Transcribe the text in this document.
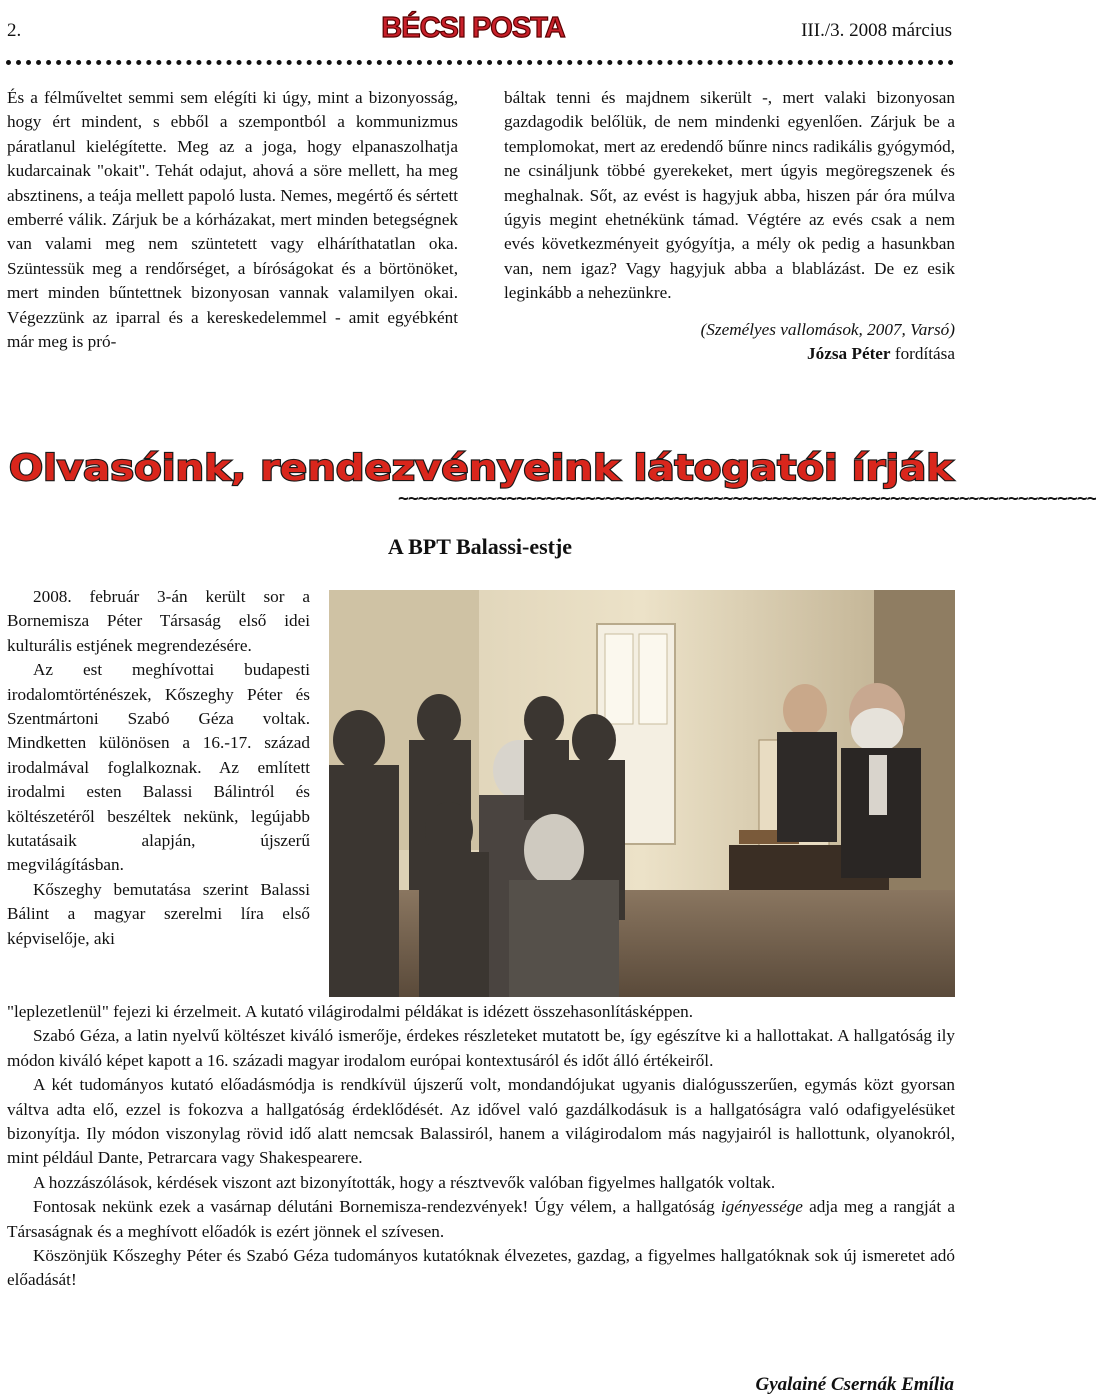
2.	BÉCSI POSTA	III./3. 2008 március

És a félműveltet semmi sem elégíti ki úgy, mint a bizonyosság, hogy ért mindent, s ebből a szempontból a kommunizmus páratlanul kielégítette. Meg az a joga, hogy elpanaszolhatja kudarcainak "okait". Tehát odajut, ahová a söre mellett, ha meg absztinens, a teája mellett papoló lusta. Nemes, megértő és sértett emberré válik. Zárjuk be a kórházakat, mert minden betegségnek van valami meg nem szüntetett vagy elháríthatatlan oka. Szüntessük meg a rendőrséget, a bíróságokat és a börtönöket, mert minden bűntettnek bizonyosan vannak valamilyen okai. Végezzünk az iparral és a kereskedelemmel - amit egyébként már meg is pró-

báltak tenni és majdnem sikerült -, mert valaki bizonyosan gazdagodik belőlük, de nem mindenki egyenlően. Zárjuk be a templomokat, mert az eredendő bűnre nincs radikális gyógymód, ne csináljunk többé gyerekeket, mert úgyis megöregszenek és meghalnak. Sőt, az evést is hagyjuk abba, hiszen pár óra múlva úgyis megint ehetnékünk támad. Végtére az evés csak a nem evés következményeit gyógyítja, a mély ok pedig a hasunkban van, nem igaz? Vagy hagyjuk abba a blablázást. De ez esik leginkább a nehezünkre.

(Személyes vallomások, 2007, Varsó)
Józsa Péter fordítása
Olvasóink, rendezvényeink látogatói írják
~~~~~~~~~~~~~~~~~~~~~~~~~~~~~~~~~~~~~~~~~~~~~~~~~~~~~~~~~~~~~~~~~~~~~~~
A BPT Balassi-estje

2008. február 3-án került sor a Bornemisza Péter Társaság első idei kulturális estjének megrendezésére.

Az est meghívottai budapesti irodalomtörténészek, Kőszeghy Péter és Szentmártoni Szabó Géza voltak. Mindketten különösen a 16.-17. század irodalmával foglalkoznak. Az említett irodalmi esten Balassi Bálintról és költészetéről beszéltek nekünk, legújabb kutatásaik alapján, újszerű megvilágításban.

Kőszeghy bemutatása szerint Balassi Bálint a magyar szerelmi líra első képviselője, aki

"leplezetlenül" fejezi ki érzelmeit. A kutató világirodalmi példákat is idézett összehasonlításképpen.

Szabó Géza, a latin nyelvű költészet kiváló ismerője, érdekes részleteket mutatott be, így egészítve ki a hallottakat. A hallgatóság ily módon kiváló képet kapott a 16. századi magyar irodalom európai kontextusáról és időt álló értékeiről.

A két tudományos kutató előadásmódja is rendkívül újszerű volt, mondandójukat ugyanis dialógusszerűen, egymás közt gyorsan váltva adta elő, ezzel is fokozva a hallgatóság érdeklődését. Az idővel való gazdálkodásuk is a hallgatóságra való odafigyelésüket bizonyítja. Ily módon viszonylag rövid idő alatt nemcsak Balassiról, hanem a világirodalom más nagyjairól is hallottunk, olyanokról, mint például Dante, Petrarcara vagy Shakespearere.

A hozzászólások, kérdések viszont azt bizonyították, hogy a résztvevők valóban figyelmes hallgatók voltak.

Fontosak nekünk ezek a vasárnap délutáni Bornemisza-rendezvények! Úgy vélem, a hallgatóság igényessége adja meg a rangját a Társaságnak és a meghívott előadók is ezért jönnek el szívesen.

Köszönjük Kőszeghy Péter és Szabó Géza tudományos kutatóknak élvezetes, gazdag, a figyelmes hallgatóknak sok új ismeretet adó előadását!

Gyalainé Csernák Emília
